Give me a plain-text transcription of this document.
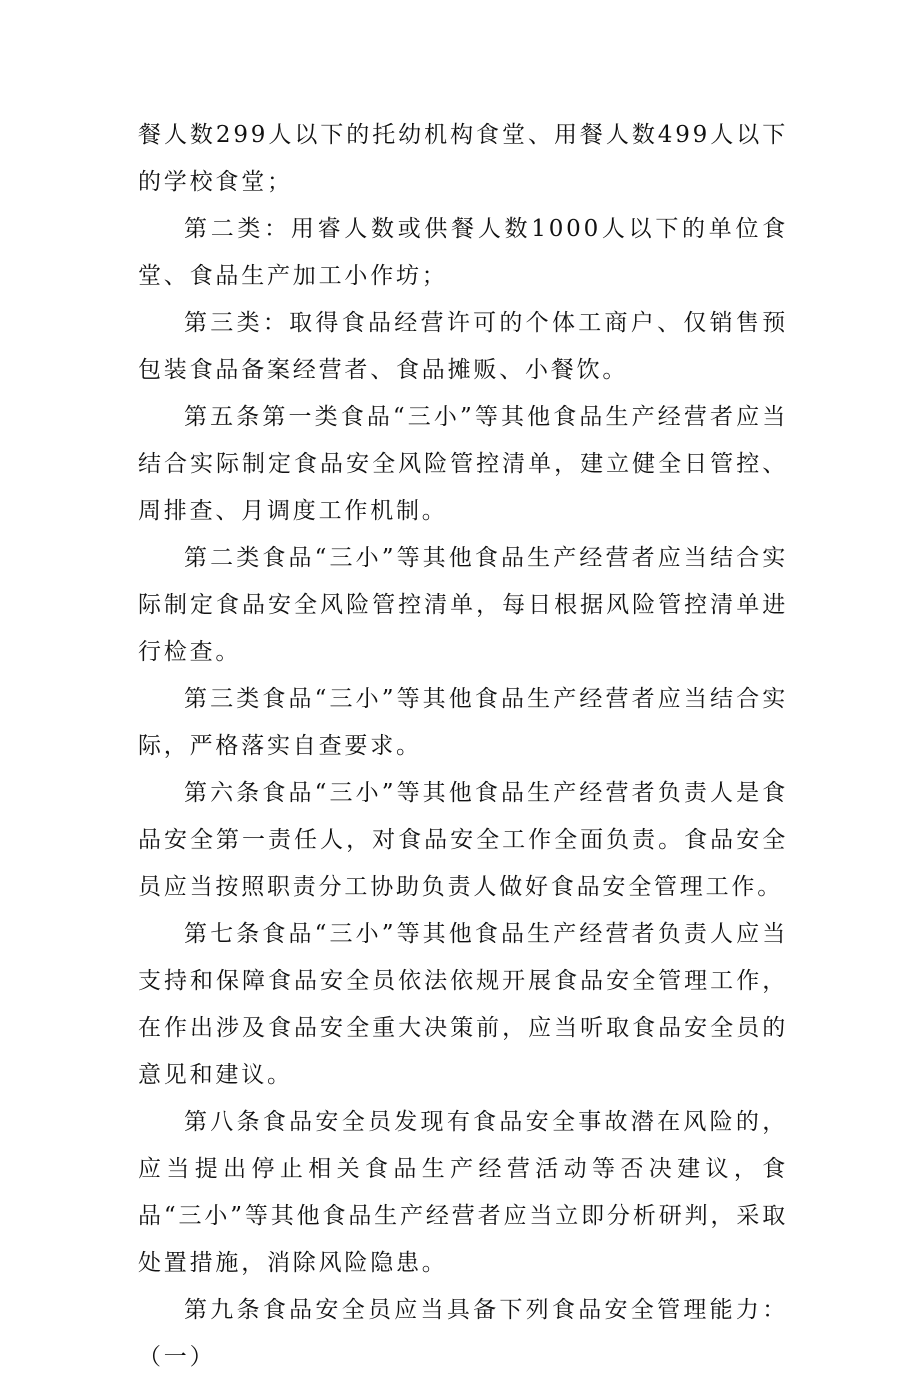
餐人数299人以下的托幼机构食堂、用餐人数499人以下的学校食堂；

第二类：用睿人数或供餐人数1000人以下的单位食堂、食品生产加工小作坊；

第三类：取得食品经营许可的个体工商户、仅销售预包装食品备案经营者、食品摊贩、小餐饮。

第五条第一类食品“三小”等其他食品生产经营者应当结合实际制定食品安全风险管控清单，建立健全日管控、周排查、月调度工作机制。

第二类食品“三小”等其他食品生产经营者应当结合实际制定食品安全风险管控清单，每日根据风险管控清单进行检查。

第三类食品“三小”等其他食品生产经营者应当结合实际，严格落实自查要求。

第六条食品“三小”等其他食品生产经营者负责人是食品安全第一责任人，对食品安全工作全面负责。食品安全员应当按照职责分工协助负责人做好食品安全管理工作。

第七条食品“三小”等其他食品生产经营者负责人应当支持和保障食品安全员依法依规开展食品安全管理工作，在作出涉及食品安全重大决策前，应当听取食品安全员的意见和建议。

第八条食品安全员发现有食品安全事故潜在风险的，应当提出停止相关食品生产经营活动等否决建议，食品“三小”等其他食品生产经营者应当立即分析研判，采取处置措施，消除风险隐患。

第九条食品安全员应当具备下列食品安全管理能力：（一）
